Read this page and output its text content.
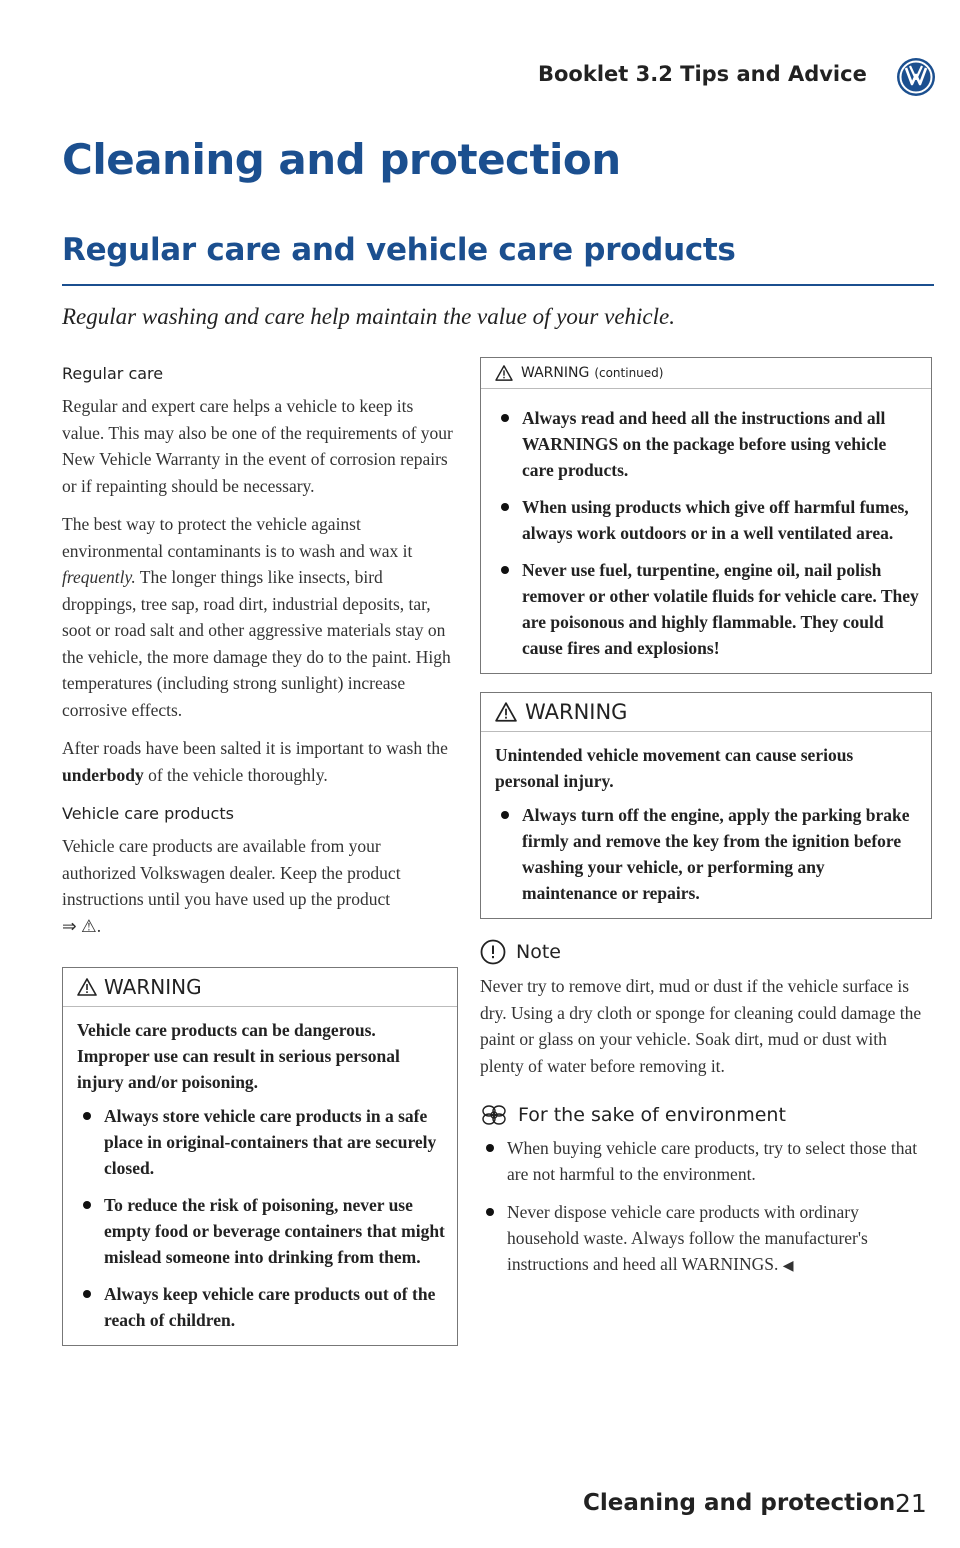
Booklet 3.2 Tips and Advice
Cleaning and protection
Regular care and vehicle care products

Regular washing and care help maintain the value of your vehicle.

Regular care

Regular and expert care helps a vehicle to keep its value. This may also be one of the requirements of your New Vehicle Warranty in the event of corrosion repairs or if repainting should be necessary.

The best way to protect the vehicle against environmental contaminants is to wash and wax it frequently. The longer things like insects, bird droppings, tree sap, road dirt, industrial deposits, tar, soot or road salt and other aggressive materials stay on the vehicle, the more damage they do to the paint. High temperatures (including strong sunlight) increase corrosive effects.

After roads have been salted it is important to wash the underbody of the vehicle thoroughly.

Vehicle care products

Vehicle care products are available from your authorized Volkswagen dealer. Keep the product instructions until you have used up the product
⇒ ⚠.

WARNING

Vehicle care products can be dangerous. Improper use can result in serious personal injury and/or poisoning.

Always store vehicle care products in a safe place in original-containers that are securely closed.
To reduce the risk of poisoning, never use empty food or beverage containers that might mislead someone into drinking from them.
Always keep vehicle care products out of the reach of children.
WARNING (continued)
Always read and heed all the instructions and all WARNINGS on the package before using vehicle care products.
When using products which give off harmful fumes, always work outdoors or in a well ventilated area.
Never use fuel, turpentine, engine oil, nail polish remover or other volatile fluids for vehicle care. They are poisonous and highly flammable. They could cause fires and explosions!
WARNING

Unintended vehicle movement can cause serious personal injury.

Always turn off the engine, apply the parking brake firmly and remove the key from the ignition before washing your vehicle, or performing any maintenance or repairs.
Note

Never try to remove dirt, mud or dust if the vehicle surface is dry. Using a dry cloth or sponge for cleaning could damage the paint or glass on your vehicle. Soak dirt, mud or dust with plenty of water before removing it.

For the sake of environment
When buying vehicle care products, try to select those that are not harmful to the environment.
Never dispose vehicle care products with ordinary household waste. Always follow the manufacturer's instructions and heed all WARNINGS. ◀
Cleaning and protection 21
